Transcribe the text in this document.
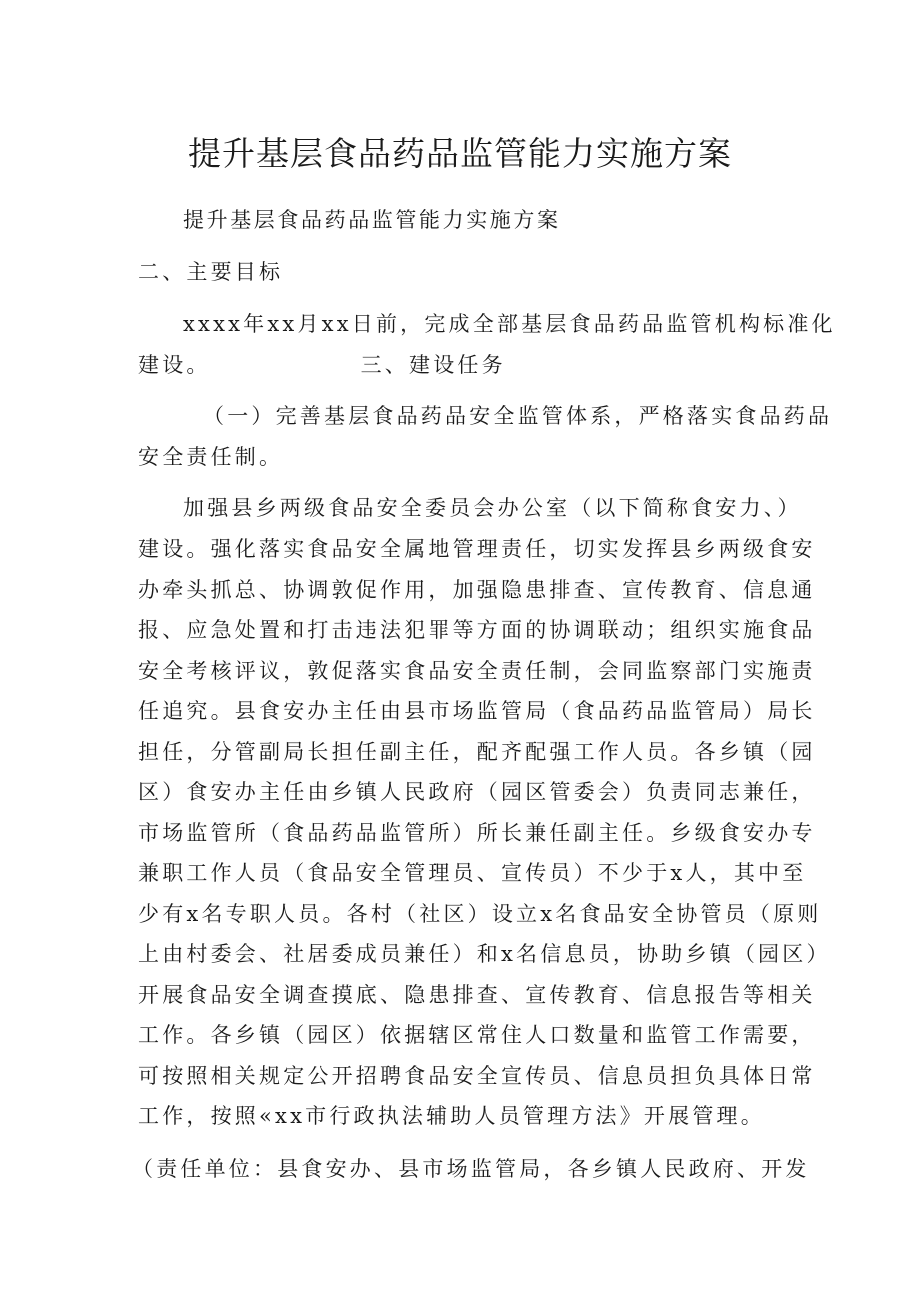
提升基层食品药品监管能力实施方案
提升基层食品药品监管能力实施方案
二、主要目标
xxxx年xx月xx日前，完成全部基层食品药品监管机构标准化
建设。	三、建设任务
（一）完善基层食品药品安全监管体系，严格落实食品药品
安全责任制。
加强县乡两级食品安全委员会办公室（以下简称食安力、）
建设。强化落实食品安全属地管理责任，切实发挥县乡两级食安
办牵头抓总、协调敦促作用，加强隐患排查、宣传教育、信息通
报、应急处置和打击违法犯罪等方面的协调联动；组织实施食品
安全考核评议，敦促落实食品安全责任制，会同监察部门实施责
任追究。县食安办主任由县市场监管局（食品药品监管局）局长
担任，分管副局长担任副主任，配齐配强工作人员。各乡镇（园
区）食安办主任由乡镇人民政府（园区管委会）负责同志兼任，
市场监管所（食品药品监管所）所长兼任副主任。乡级食安办专
兼职工作人员（食品安全管理员、宣传员）不少于x人，其中至
少有x名专职人员。各村（社区）设立x名食品安全协管员（原则
上由村委会、社居委成员兼任）和x名信息员，协助乡镇（园区）
开展食品安全调查摸底、隐患排查、宣传教育、信息报告等相关
工作。各乡镇（园区）依据辖区常住人口数量和监管工作需要，
可按照相关规定公开招聘食品安全宣传员、信息员担负具体日常
工作，按照«xx市行政执法辅助人员管理方法》开展管理。
（责任单位：县食安办、县市场监管局，各乡镇人民政府、开发
